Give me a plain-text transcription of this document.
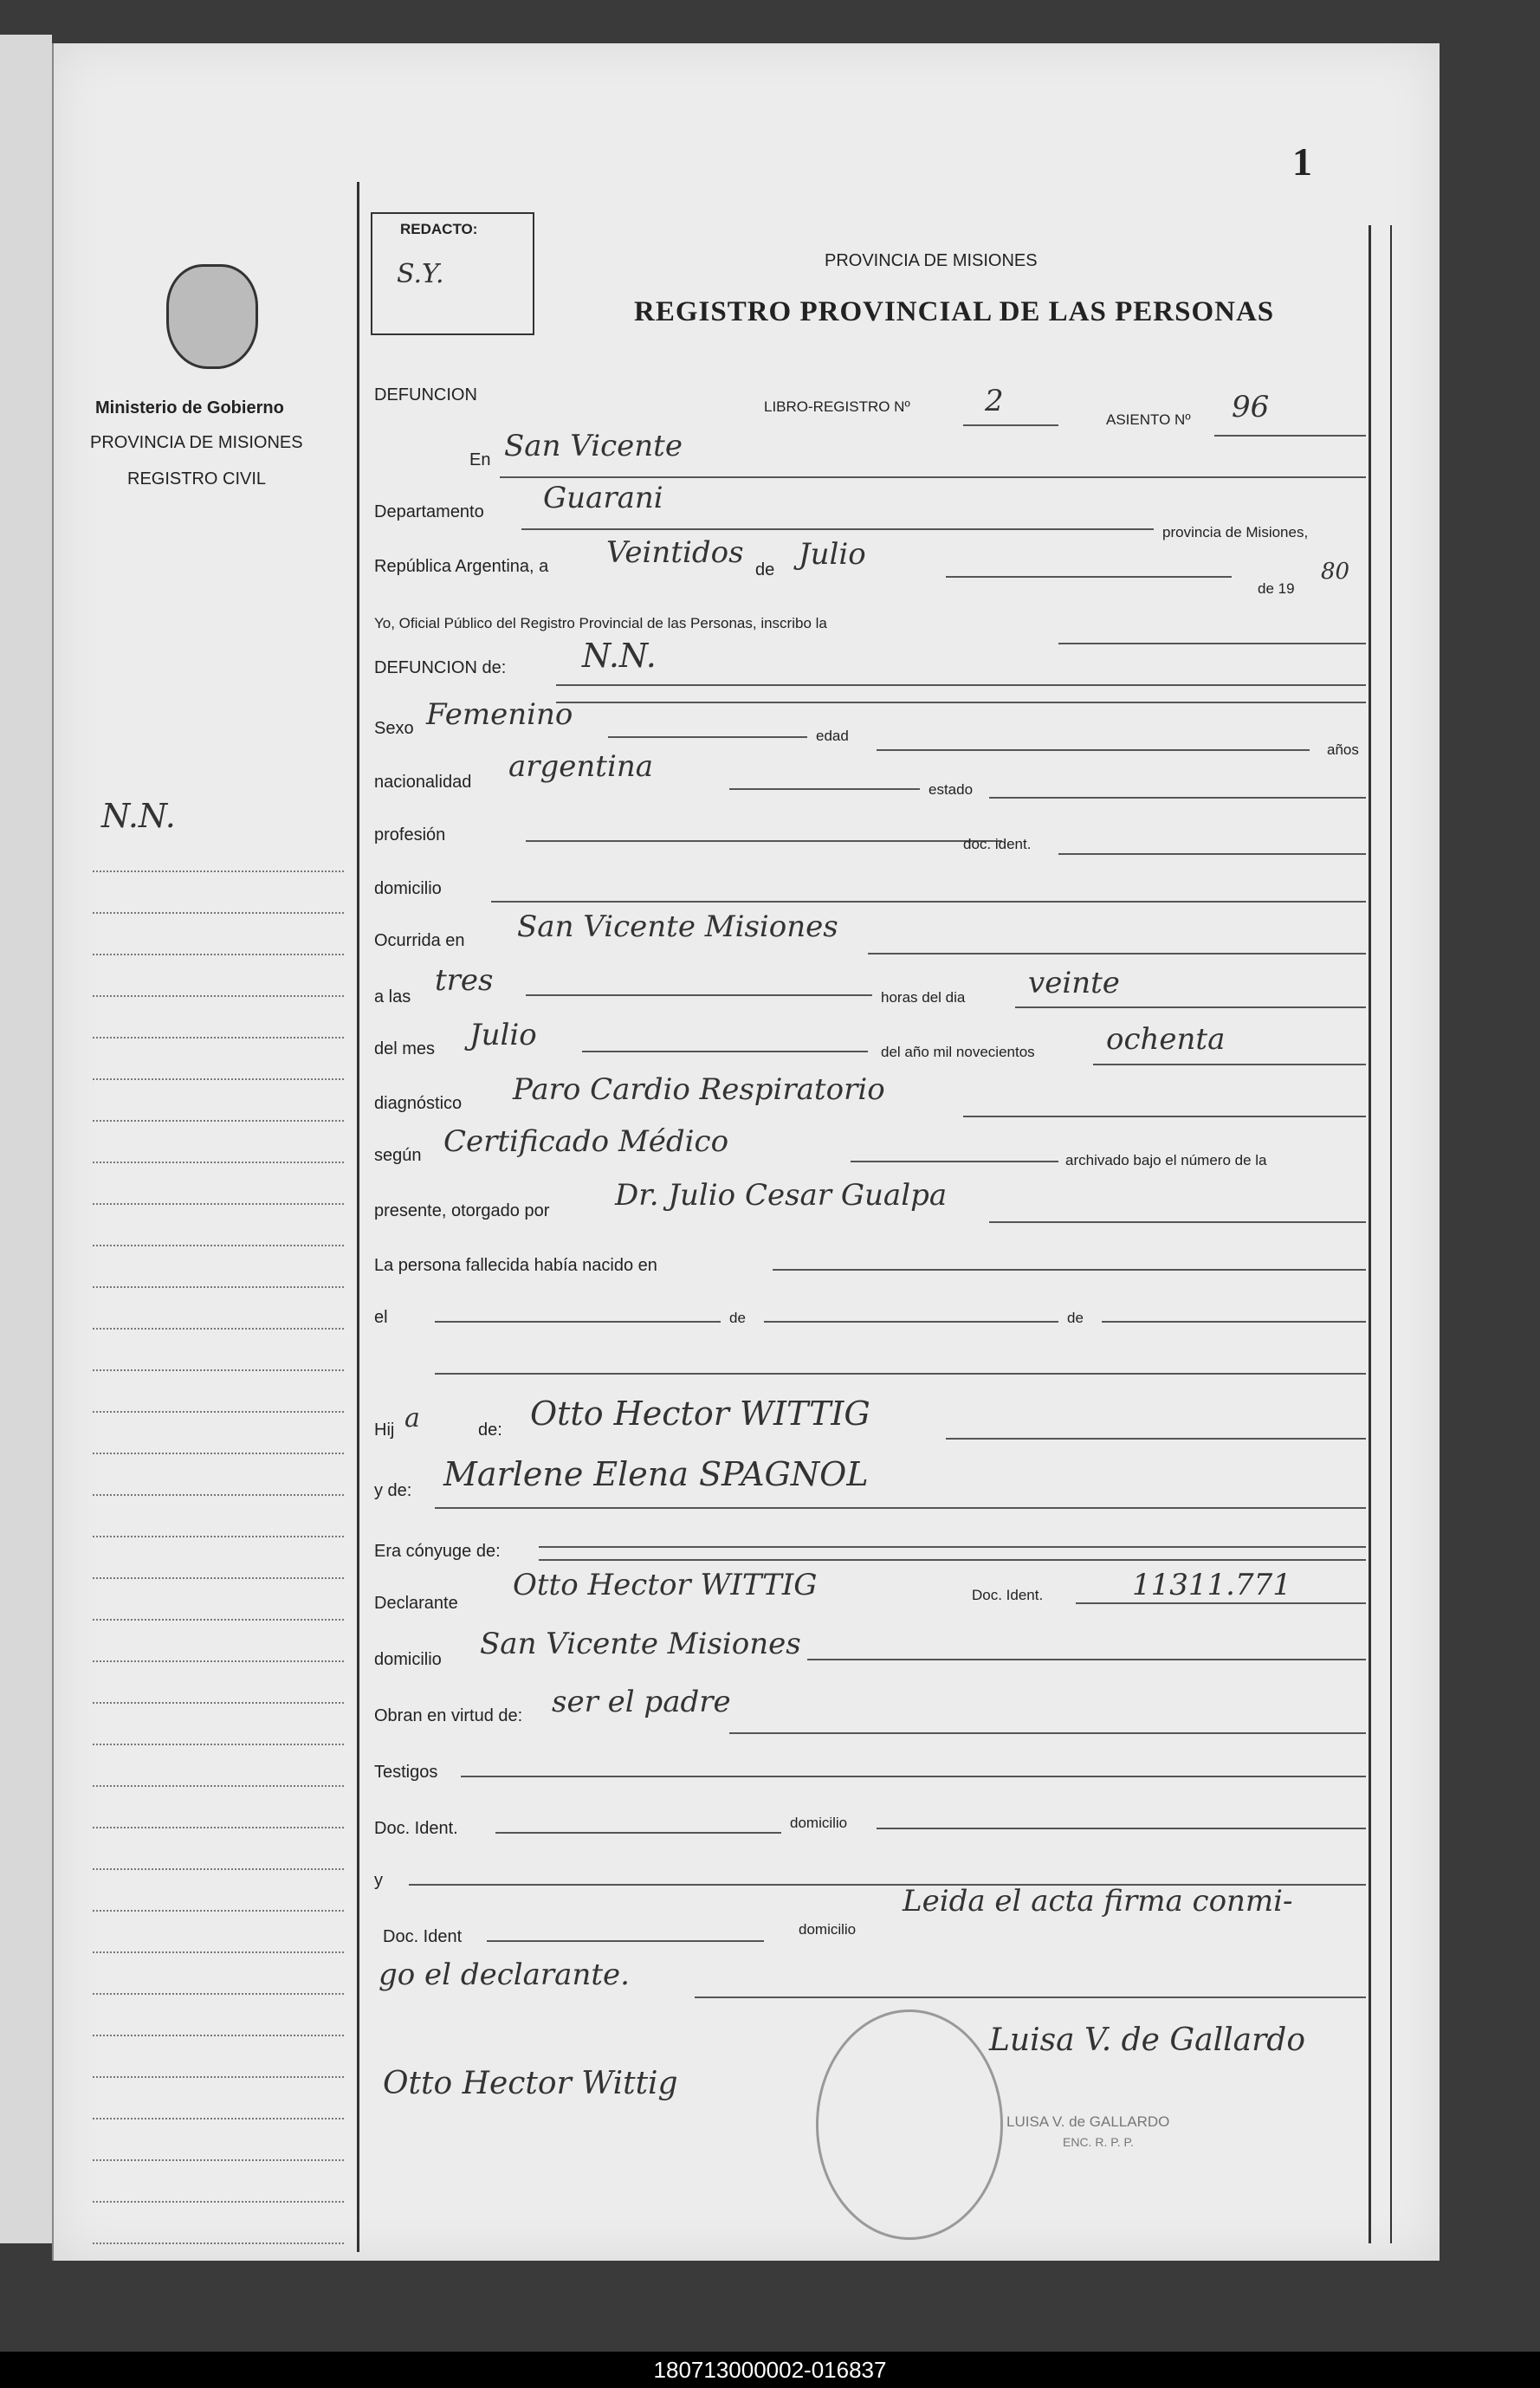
1
Ministerio de Gobierno
PROVINCIA DE MISIONES
REGISTRO CIVIL
N.N.
REDACTO:
S.Y.	PROVINCIA DE MISIONES
REGISTRO PROVINCIAL DE LAS PERSONAS
DEFUNCION
LIBRO-REGISTRO Nº	2
ASIENTO Nº 96
En San Vicente
Departamento Guarani
provincia de Misiones,
República Argentina, a Veintidos de Julio
de 19
80
Yo, Oficial Público del Registro Provincial de las Personas, inscribo la
DEFUNCION de: N.N.
Sexo Femenino
edad
años
nacionalidad argentina
estado
profesión	doc. ident.
domicilio
Ocurrida en San Vicente Misiones
a las tres	horas del dia veinte
del mes Julio	del año mil novecientos ochenta
diagnóstico Paro Cardio Respiratorio
según Certificado Médico
archivado bajo el número de la
presente, otorgado por Dr. Julio Cesar Gualpa
La persona fallecida había nacido en
el	de	de
Hij a	de: Otto Hector WITTIG
y de: Marlene Elena SPAGNOL
Era cónyuge de:
Declarante
Otto Hector WITTIG	Doc. Ident.	11311.771
domicilio San Vicente Misiones
Obran en virtud de: ser el padre
Testigos
Doc. Ident.	domicilio
y
Doc. Ident	domicilio
Leida el acta firma conmi-
go el declarante.
Otto Hector Wittig
Luisa V. de Gallardo
LUISA V. de GALLARDO
ENC. R. P. P.
180713000002-016837
